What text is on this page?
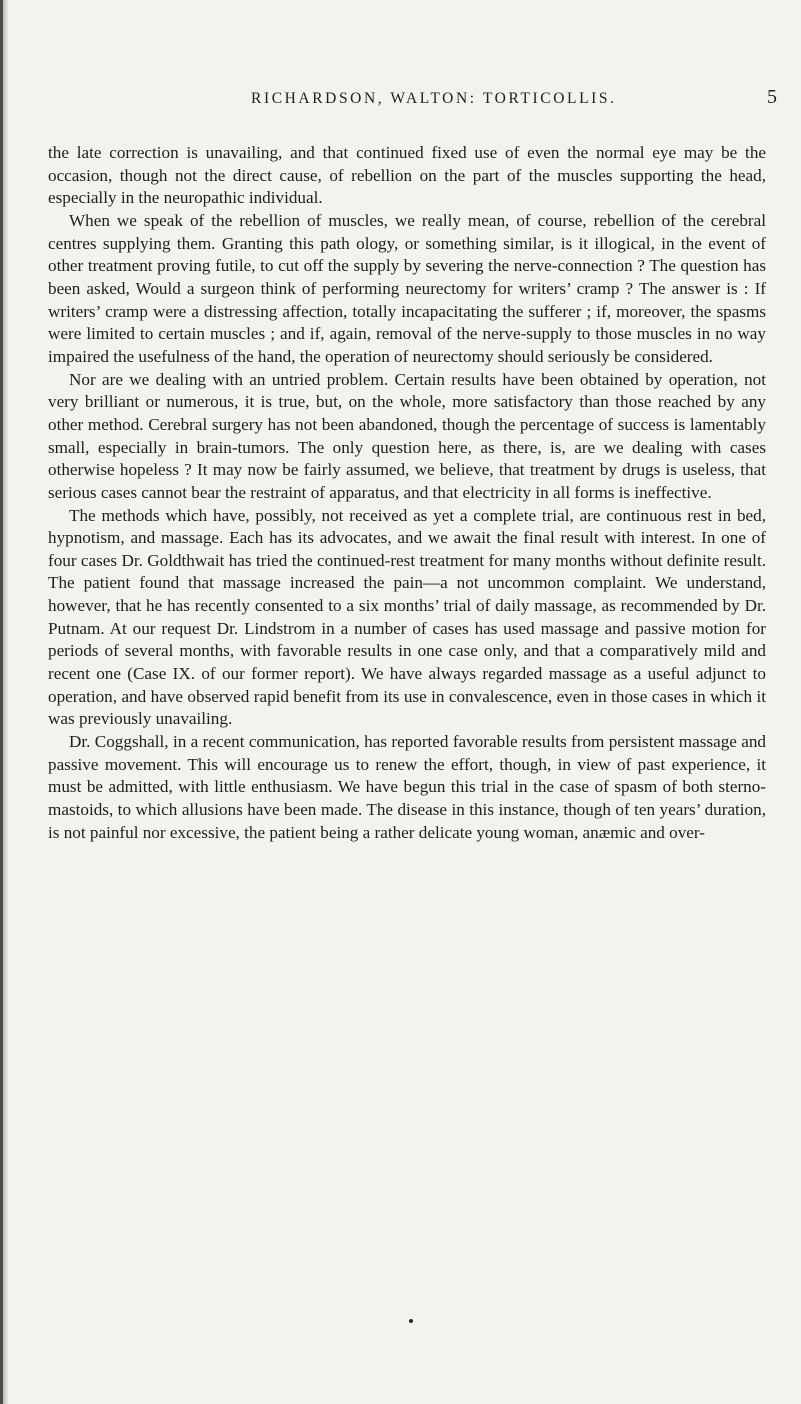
RICHARDSON, WALTON: TORTICOLLIS.	5

the late correction is unavailing, and that continued fixed use of even the normal eye may be the occasion, though not the direct cause, of rebellion on the part of the muscles supporting the head, especially in the neuropathic individual.

When we speak of the rebellion of muscles, we really mean, of course, rebellion of the cerebral centres supplying them. Granting this path ology, or something similar, is it illogical, in the event of other treatment proving futile, to cut off the supply by severing the nerve-connection ? The question has been asked, Would a surgeon think of performing neurectomy for writers’ cramp ? The answer is : If writers’ cramp were a distressing affection, totally incapacitating the sufferer ; if, moreover, the spasms were limited to certain muscles ; and if, again, removal of the nerve-supply to those muscles in no way impaired the usefulness of the hand, the operation of neurectomy should seriously be considered.

Nor are we dealing with an untried problem. Certain results have been obtained by operation, not very brilliant or numerous, it is true, but, on the whole, more satisfactory than those reached by any other method. Cerebral surgery has not been abandoned, though the percentage of success is lamentably small, especially in brain-tumors. The only question here, as there, is, are we dealing with cases otherwise hopeless ? It may now be fairly assumed, we believe, that treatment by drugs is useless, that serious cases cannot bear the restraint of apparatus, and that electricity in all forms is ineffective.

The methods which have, possibly, not received as yet a complete trial, are continuous rest in bed, hypnotism, and massage. Each has its advocates, and we await the final result with interest. In one of four cases Dr. Goldthwait has tried the continued-rest treatment for many months without definite result. The patient found that massage increased the pain—a not uncommon complaint. We understand, however, that he has recently consented to a six months’ trial of daily massage, as recommended by Dr. Putnam. At our request Dr. Lindstrom in a number of cases has used massage and passive motion for periods of several months, with favorable results in one case only, and that a comparatively mild and recent one (Case IX. of our former report). We have always regarded massage as a useful adjunct to operation, and have observed rapid benefit from its use in convalescence, even in those cases in which it was previously unavailing.

Dr. Coggshall, in a recent communication, has reported favorable results from persistent massage and passive movement. This will encourage us to renew the effort, though, in view of past experience, it must be admitted, with little enthusiasm. We have begun this trial in the case of spasm of both sterno-mastoids, to which allusions have been made. The disease in this instance, though of ten years’ duration, is not painful nor excessive, the patient being a rather delicate young woman, anæmic and over-
